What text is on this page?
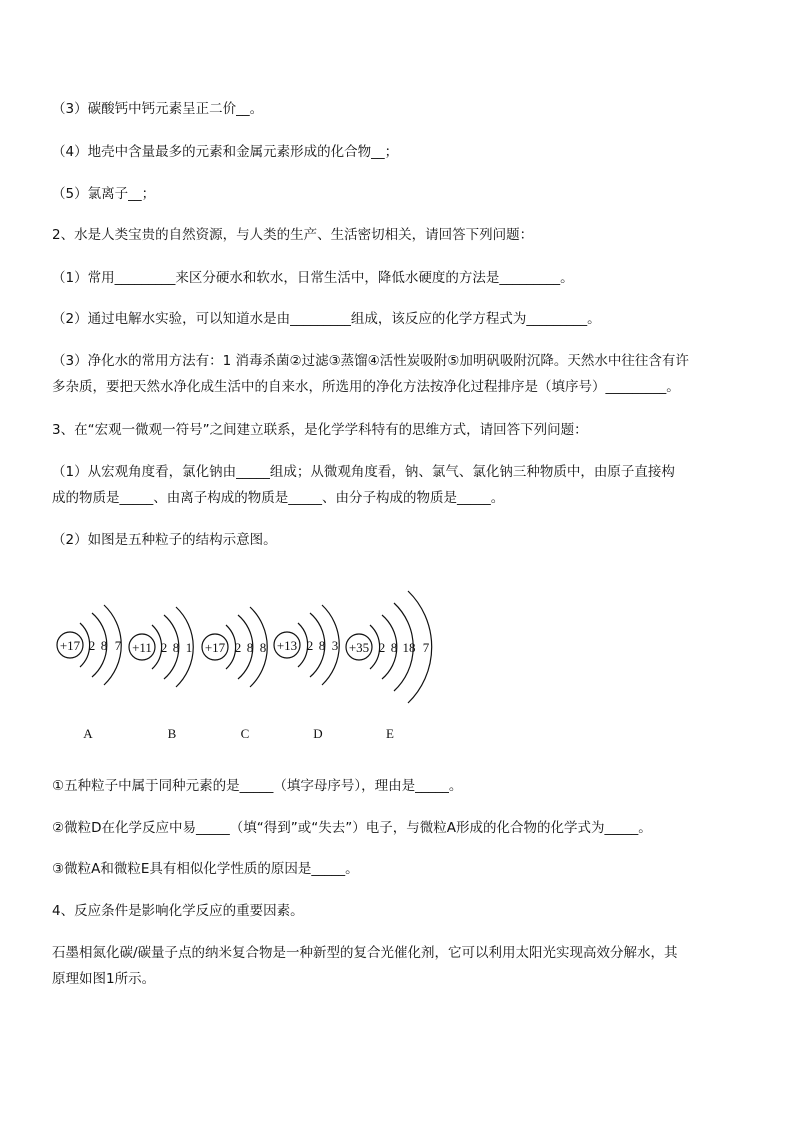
（3）碳酸钙中钙元素呈正二价__。
（4）地壳中含量最多的元素和金属元素形成的化合物__；
（5）氯离子__；
2、水是人类宝贵的自然资源，与人类的生产、生活密切相关，请回答下列问题：
（1）常用_________来区分硬水和软水，日常生活中，降低水硬度的方法是_________。
（2）通过电解水实验，可以知道水是由_________组成，该反应的化学方程式为_________。
（3）净化水的常用方法有：1 消毒杀菌②过滤③蒸馏④活性炭吸附⑤加明矾吸附沉降。天然水中往往含有许
多杂质，要把天然水净化成生活中的自来水，所选用的净化方法按净化过程排序是（填序号）_________。
3、在“宏观一微观一符号”之间建立联系，是化学学科特有的思维方式，请回答下列问题：
（1）从宏观角度看，氯化钠由_____组成；从微观角度看，钠、氯气、氯化钠三种物质中，由原子直接构
成的物质是_____、由离子构成的物质是_____、由分子构成的物质是_____。
（2）如图是五种粒子的结构示意图。
+17 2 8 7 +11 2 8 1 +17 2 8 8 +13 2 8 3 +35 2 8 18 7
A	B	C	D	E
①五种粒子中属于同种元素的是_____（填字母序号），理由是_____。
②微粒D在化学反应中易_____（填“得到”或“失去”）电子，与微粒A形成的化合物的化学式为_____。
③微粒A和微粒E具有相似化学性质的原因是_____。
4、反应条件是影响化学反应的重要因素。
石墨相氮化碳/碳量子点的纳米复合物是一种新型的复合光催化剂，它可以利用太阳光实现高效分解水，其
原理如图1所示。
